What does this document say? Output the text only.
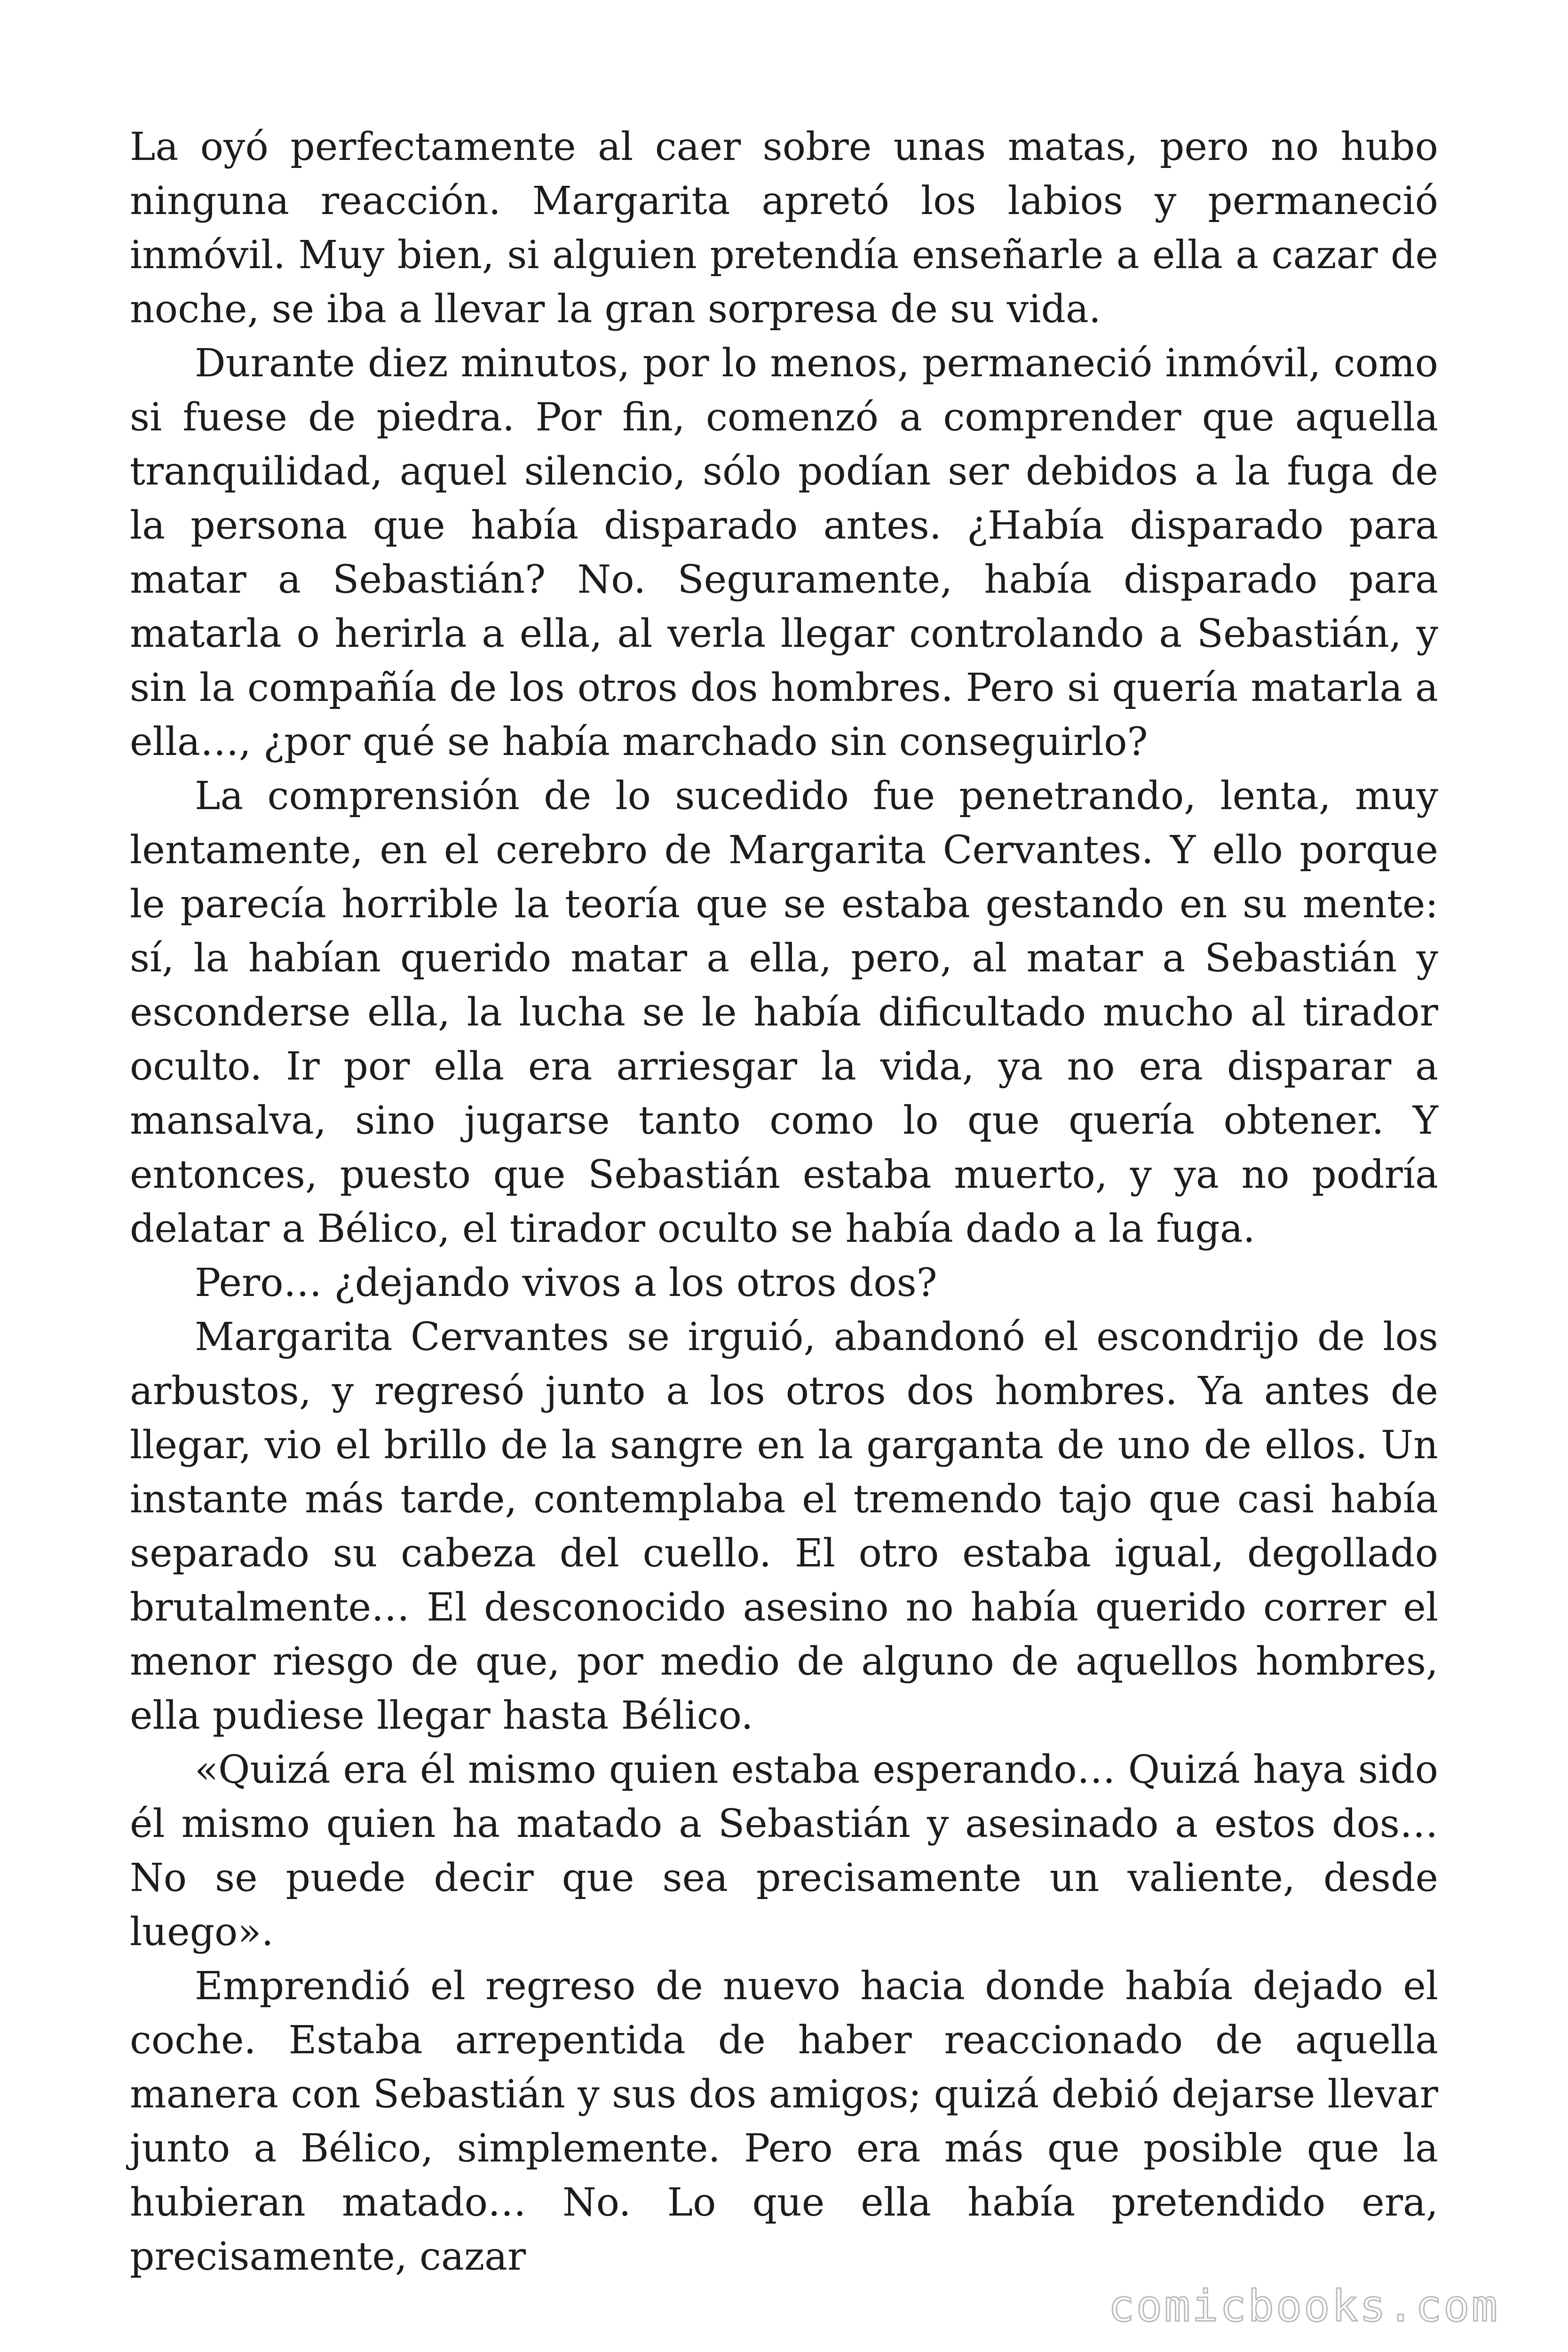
La oyó perfectamente al caer sobre unas matas, pero no hubo ninguna reacción. Margarita apretó los labios y permaneció inmóvil. Muy bien, si alguien pretendía enseñarle a ella a cazar de noche, se iba a llevar la gran sorpresa de su vida.

Durante diez minutos, por lo menos, permaneció inmóvil, como si fuese de piedra. Por fin, comenzó a comprender que aquella tranquilidad, aquel silencio, sólo podían ser debidos a la fuga de la persona que había disparado antes. ¿Había disparado para matar a Sebastián? No. Seguramente, había disparado para matarla o herirla a ella, al verla llegar controlando a Sebastián, y sin la compañía de los otros dos hombres. Pero si quería matarla a ella…, ¿por qué se había marchado sin conseguirlo?

La comprensión de lo sucedido fue penetrando, lenta, muy lentamente, en el cerebro de Margarita Cervantes. Y ello porque le parecía horrible la teoría que se estaba gestando en su mente: sí, la habían querido matar a ella, pero, al matar a Sebastián y esconderse ella, la lucha se le había dificultado mucho al tirador oculto. Ir por ella era arriesgar la vida, ya no era disparar a mansalva, sino jugarse tanto como lo que quería obtener. Y entonces, puesto que Sebastián estaba muerto, y ya no podría delatar a Bélico, el tirador oculto se había dado a la fuga.

Pero… ¿dejando vivos a los otros dos?

Margarita Cervantes se irguió, abandonó el escondrijo de los arbustos, y regresó junto a los otros dos hombres. Ya antes de llegar, vio el brillo de la sangre en la garganta de uno de ellos. Un instante más tarde, contemplaba el tremendo tajo que casi había separado su cabeza del cuello. El otro estaba igual, degollado brutalmente… El desconocido asesino no había querido correr el menor riesgo de que, por medio de alguno de aquellos hombres, ella pudiese llegar hasta Bélico.

«Quizá era él mismo quien estaba esperando… Quizá haya sido él mismo quien ha matado a Sebastián y asesinado a estos dos… No se puede decir que sea precisamente un valiente, desde luego».

Emprendió el regreso de nuevo hacia donde había dejado el coche. Estaba arrepentida de haber reaccionado de aquella manera con Sebastián y sus dos amigos; quizá debió dejarse llevar junto a Bélico, simplemente. Pero era más que posible que la hubieran matado… No. Lo que ella había pretendido era, precisamente, cazar

comicbooks.com
